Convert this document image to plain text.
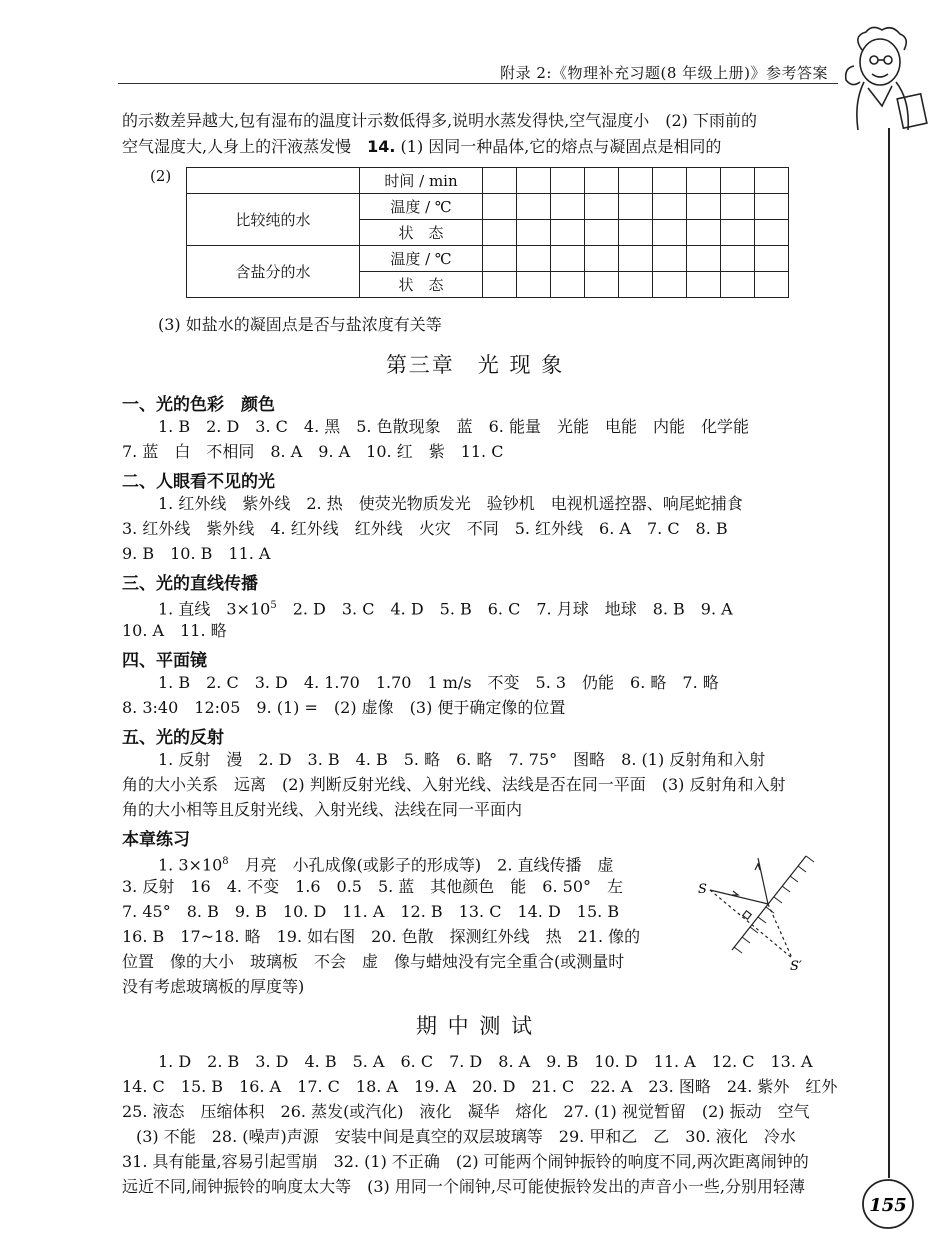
附录 2:《物理补充习题(8 年级上册)》参考答案
的示数差异越大,包有湿布的温度计示数低得多,说明水蒸发得快,空气湿度小　(2) 下雨前的
空气湿度大,人身上的汗液蒸发慢　14. (1) 因同一种晶体,它的熔点与凝固点是相同的
(2)
		时间 / min									
比较纯的水	温度 / ℃									
	状　态									
含盐分的水	温度 / ℃									
	状　态									
(3) 如盐水的凝固点是否与盐浓度有关等
第三章　光 现 象
一、光的色彩　颜色
1. B　2. D　3. C　4. 黑　5. 色散现象　蓝　6. 能量　光能　电能　内能　化学能
7. 蓝　白　不相同　8. A　9. A　10. 红　紫　11. C
二、人眼看不见的光
1. 红外线　紫外线　2. 热　使荧光物质发光　验钞机　电视机遥控器、响尾蛇捕食
3. 红外线　紫外线　4. 红外线　红外线　火灾　不同　5. 红外线　6. A　7. C　8. B
9. B　10. B　11. A
三、光的直线传播
1. 直线　$3\times 10^5$　2. D　3. C　4. D　5. B　6. C　7. 月球　地球　8. B　9. A
10. A　11. 略
四、平面镜
1. B　2. C　3. D　4. 1.70　1.70　1 m/s　不变　5. 3　仍能　6. 略　7. 略
8. 3:40　12:05　9. (1) =　(2) 虚像　(3) 便于确定像的位置
五、光的反射
1. 反射　漫　2. D　3. B　4. B　5. 略　6. 略　7. 75°　图略　8. (1) 反射角和入射
角的大小关系　远离　(2) 判断反射光线、入射光线、法线是否在同一平面　(3) 反射角和入射
角的大小相等且反射光线、入射光线、法线在同一平面内
本章练习
1. $3\times 10^8$　月亮　小孔成像(或影子的形成等)　2. 直线传播　虚
3. 反射　16　4. 不变　1.6　0.5　5. 蓝　其他颜色　能　6. 50°　左
7. 45°　8. B　9. B　10. D　11. A　12. B　13. C　14. D　15. B
16. B　17~18. 略　19. 如右图　20. 色散　探测红外线　热　21. 像的
位置　像的大小　玻璃板　不会　虚　像与蜡烛没有完全重合(或测量时
没有考虑玻璃板的厚度等)
S
S′
期 中 测 试
1. D　2. B　3. D　4. B　5. A　6. C　7. D　8. A　9. B　10. D　11. A　12. C　13. A
14. C　15. B　16. A　17. C　18. A　19. A　20. D　21. C　22. A　23. 图略　24. 紫外　红外
25. 液态　压缩体积　26. 蒸发(或汽化)　液化　凝华　熔化　27. (1) 视觉暂留　(2) 振动　空气
(3) 不能　28. (噪声)声源　安装中间是真空的双层玻璃等　29. 甲和乙　乙　30. 液化　冷水
31. 具有能量,容易引起雪崩　32. (1) 不正确　(2) 可能两个闹钟振铃的响度不同,两次距离闹钟的
远近不同,闹钟振铃的响度太大等　(3) 用同一个闹钟,尽可能使振铃发出的声音小一些,分别用轻薄
155
